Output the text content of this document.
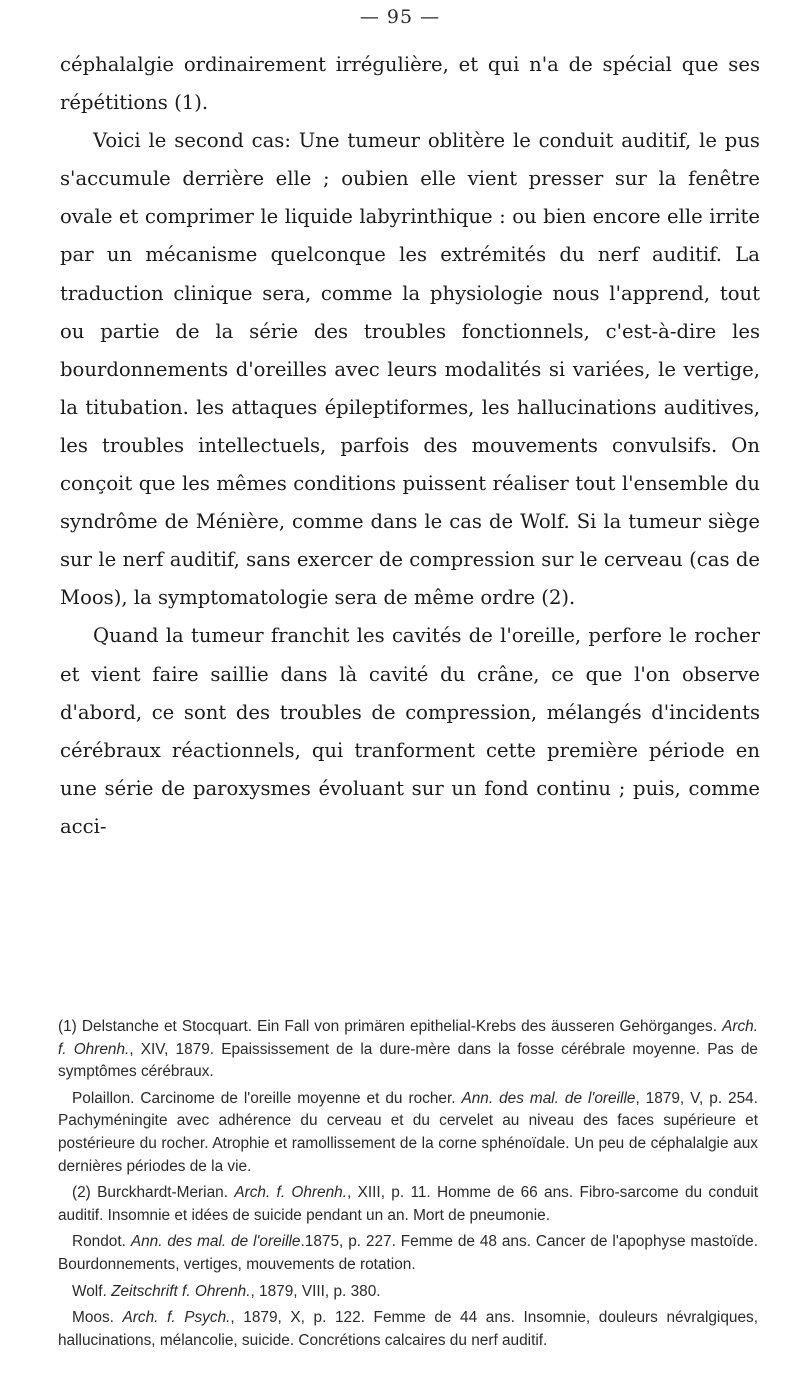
— 95 —

céphalalgie ordinairement irrégulière, et qui n'a de spécial que ses répétitions (1).

Voici le second cas: Une tumeur oblitère le conduit auditif, le pus s'accumule derrière elle ; oubien elle vient presser sur la fenêtre ovale et comprimer le liquide labyrinthique : ou bien encore elle irrite par un mécanisme quelconque les extrémités du nerf auditif. La traduction clinique sera, comme la physiologie nous l'apprend, tout ou partie de la série des troubles fonctionnels, c'est-à-dire les bourdonnements d'oreilles avec leurs modalités si variées, le vertige, la titubation. les attaques épileptiformes, les hallucinations auditives, les troubles intellectuels, parfois des mouvements convulsifs. On conçoit que les mêmes conditions puissent réaliser tout l'ensemble du syndrôme de Ménière, comme dans le cas de Wolf. Si la tumeur siège sur le nerf auditif, sans exercer de compression sur le cerveau (cas de Moos), la symptomatologie sera de même ordre (2).

Quand la tumeur franchit les cavités de l'oreille, perfore le rocher et vient faire saillie dans là cavité du crâne, ce que l'on observe d'abord, ce sont des troubles de compression, mélangés d'incidents cérébraux réactionnels, qui tranforment cette première période en une série de paroxysmes évoluant sur un fond continu ; puis, comme acci-

(1) Delstanche et Stocquart. Ein Fall von primären epithelial-Krebs des äusseren Gehörganges. Arch. f. Ohrenh., XIV, 1879. Epaississement de la dure-mère dans la fosse cérébrale moyenne. Pas de symptômes cérébraux.

Polaillon. Carcinome de l'oreille moyenne et du rocher. Ann. des mal. de l'oreille, 1879, V, p. 254. Pachyméningite avec adhérence du cerveau et du cervelet au niveau des faces supérieure et postérieure du rocher. Atrophie et ramollissement de la corne sphénoïdale. Un peu de céphalalgie aux dernières périodes de la vie.

(2) Burckhardt-Merian. Arch. f. Ohrenh., XIII, p. 11. Homme de 66 ans. Fibro-sarcome du conduit auditif. Insomnie et idées de suicide pendant un an. Mort de pneumonie.

Rondot. Ann. des mal. de l'oreille.1875, p. 227. Femme de 48 ans. Cancer de l'apophyse mastoïde. Bourdonnements, vertiges, mouvements de rotation.

Wolf. Zeitschrift f. Ohrenh., 1879, VIII, p. 380.

Moos. Arch. f. Psych., 1879, X, p. 122. Femme de 44 ans. Insomnie, douleurs névralgiques, hallucinations, mélancolie, suicide. Concrétions calcaires du nerf auditif.
